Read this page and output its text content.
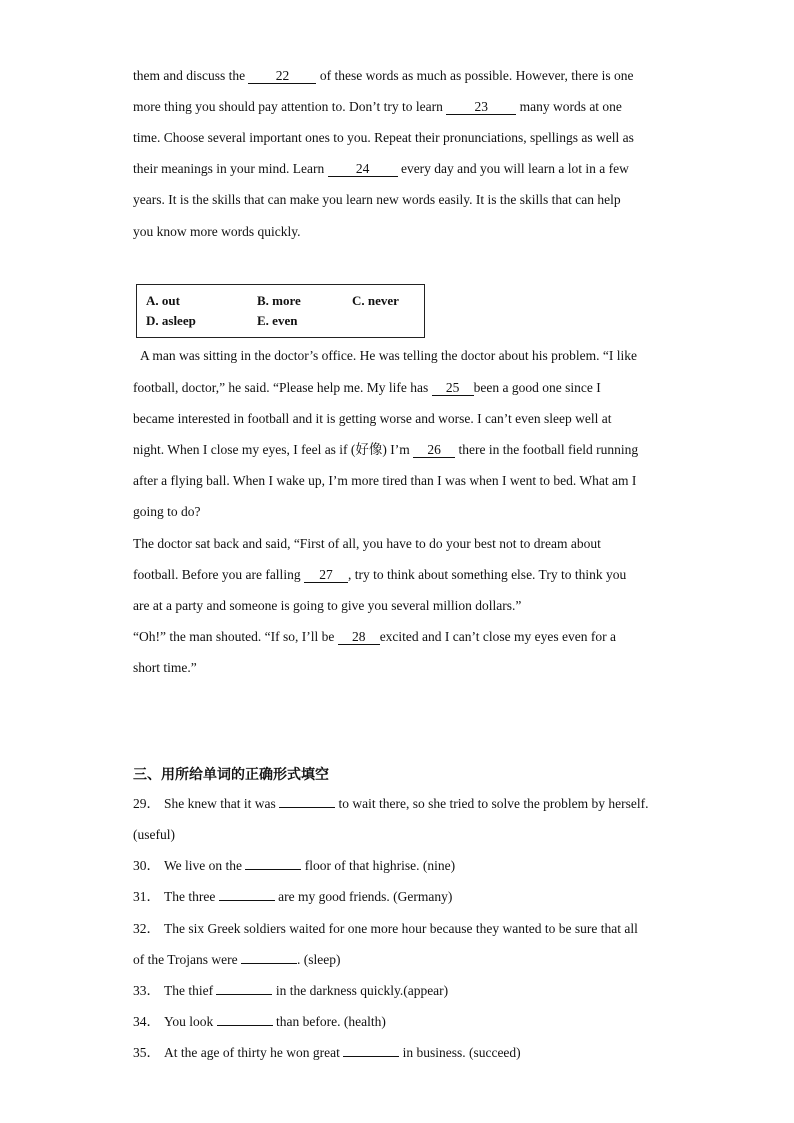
them and discuss the 22 of these words as much as possible. However, there is one
more thing you should pay attention to. Don’t try to learn 23 many words at one
time. Choose several important ones to you. Repeat their pronunciations, spellings as well as
their meanings in your mind. Learn 24 every day and you will learn a lot in a few
years. It is the skills that can make you learn new words easily. It is the skills that can help
you know more words quickly.
A. out	B. more	C. never
D. asleep	E. even
A man was sitting in the doctor’s office. He was telling the doctor about his problem. “I like
football, doctor,” he said. “Please help me. My life has 25 been a good one since I
became interested in football and it is getting worse and worse. I can’t even sleep well at
night. When I close my eyes, I feel as if (好像) I’m 26 there in the football field running
after a flying ball. When I wake up, I’m more tired than I was when I went to bed. What am I
going to do?
The doctor sat back and said, “First of all, you have to do your best not to dream about
football. Before you are falling 27 , try to think about something else. Try to think you
are at a party and someone is going to give you several million dollars.”
“Oh!” the man shouted. “If so, I’ll be 28 excited and I can’t close my eyes even for a
short time.”
三、用所给单词的正确形式填空
29． She knew that it was	to wait there, so she tried to solve the problem by herself.
(useful)
30． We live on the	floor of that highrise. (nine)
31． The three	are my good friends. (Germany)
32． The six Greek soldiers waited for one more hour because they wanted to be sure that all
of the Trojans were	. (sleep)
33． The thief	in the darkness quickly.(appear)
34． You look	than before. (health)
35． At the age of thirty he won great	in business. (succeed)
